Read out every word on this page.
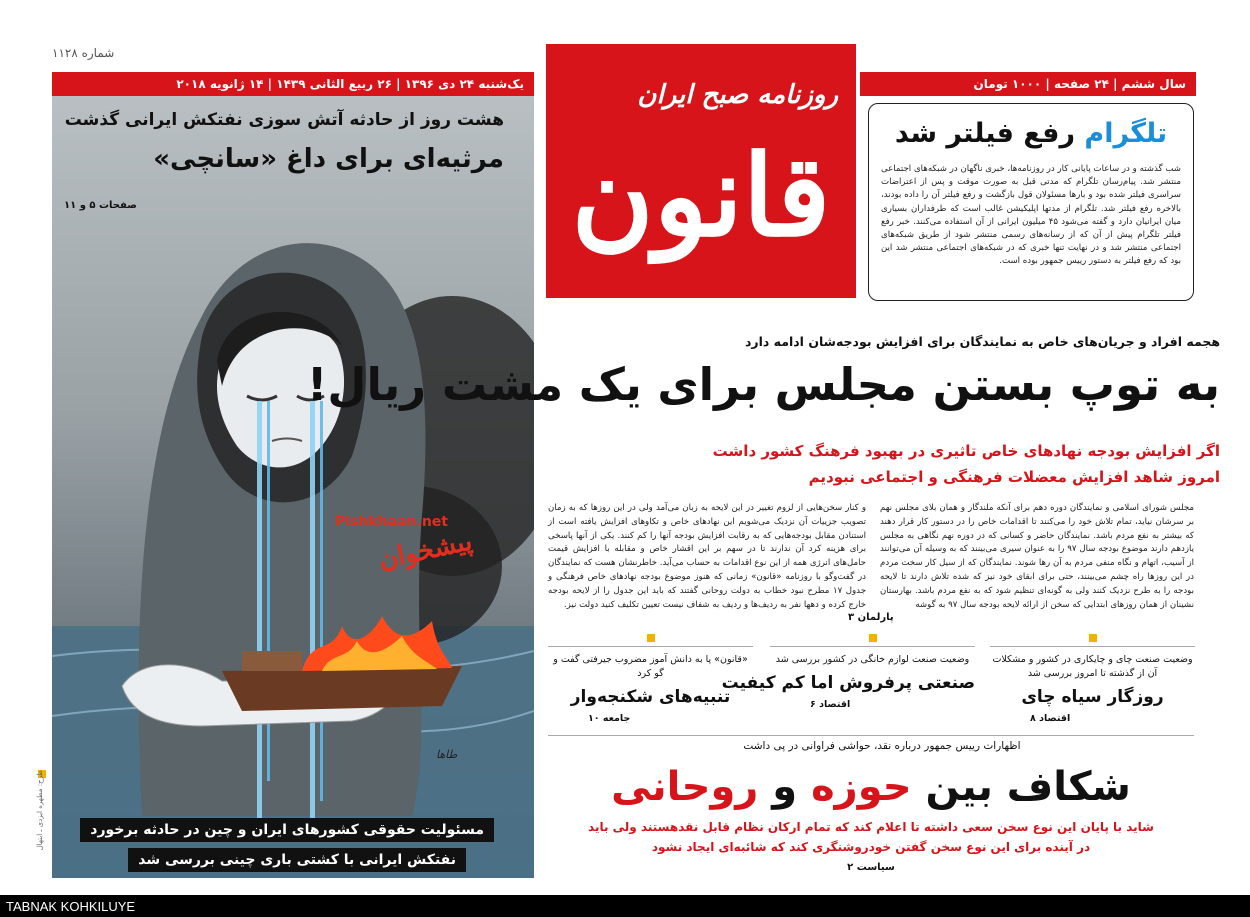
شماره ۱۱۲۸
یک‌شنبه ۲۴ دی ۱۳۹۶ | ۲۶ ربیع الثانی ۱۴۳۹ | ۱۴ ژانویه ۲۰۱۸	سال ششم | ۲۴ صفحه | ۱۰۰۰ تومان
روزنامه صبح ایران
قانون	تلگرام رفع فیلتر شد
شب گذشته و در ساعات پایانی کار در روزنامه‌ها، خبری ناگهان در شبکه‌های اجتماعی منتشر شد. پیام‌رسان تلگرام که مدتی قبل به صورت موقت و پس از اعتراضات سراسری فیلتر شده بود و بارها مسئولان قول بازگشت و رفع فیلتر آن را داده بودند، بالاخره رفع فیلتر شد. تلگرام از مدتها اپلیکیشن غالب است که طرفداران بسیاری میان ایرانیان دارد و گفته می‌شود ۴۵ میلیون ایرانی از آن استفاده می‌کنند. خبر رفع فیلتر تلگرام پیش از آن که از رسانه‌های رسمی منتشر شود از طریق شبکه‌های اجتماعی منتشر شد و در نهایت تنها خبری که در شبکه‌های اجتماعی منتشر شد این بود که رفع فیلتر به دستور رییس جمهور بوده است.
هشت روز از حادثه آتش سوزی نفتکش ایرانی گذشت
مرثیه‌ای برای داغ «سانچی»
صفحات ۵ و ۱۱
پیشخوان
Pishkhaan.net
طاها
مسئولیت حقوقی کشورهای ایران و چین در حادثه برخورد
نفتکش ایرانی با کشتی باری چینی بررسی شد
طرح: مطهره ایزدی ـ ابتهال
هجمه افراد و جریان‌های خاص به نمایندگان برای افزایش بودجه‌شان ادامه دارد
به توپ بستن مجلس برای یک مشت ریال!
اگر افزایش بودجه نهادهای خاص تاثیری در بهبود فرهنگ کشور داشت
امروز شاهد افزایش معضلات فرهنگی و اجتماعی نبودیم
مجلس شورای اسلامی و نمایندگان دوره دهم برای آنکه ملندگار و همان بلای مجلس نهم بر سرشان نیاید، تمام تلاش خود را می‌کنند تا اقدامات خاص را در دستور کار قرار دهند که بیشتر به نفع مردم باشد. نمایندگان حاضر و کسانی که در دوره نهم نگاهی به مجلس یازدهم دارند موضوع بودجه سال ۹۷ را به عنوان سیری می‌بینند که به وسیله آن می‌توانند از آسیب، اتهام و نگاه منفی مردم به آن رها شوند. نمایندگان که از سیل کار سخت مردم در این روزها راه چشم می‌بینند، حتی برای ابقای خود نیز که شده تلاش دارند تا لایحه بودجه را به طرح نزدیک کنند ولی به گونه‌ای تنظیم شود که به نفع مردم باشد. بهارستان نشینان از همان روزهای ابتدایی که سخن از ارائه لایحه بودجه سال ۹۷ به گوشه
و کنار سخن‌هایی از لزوم تغییر در این لایحه به زبان می‌آمد ولی در این روزها که به زمان تصویب جزییات آن نزدیک می‌شویم این نهادهای خاص و تکاوهای افزایش یافته است از استنادن مقابل بودجه‌هایی که به رقابت افزایش بودجه آنها را کم کنند. یکی از آنها پاسخی برای هزینه کرد آن ندارند تا در سهم بر این اقشار خاص و مقابله با افزایش قیمت حامل‌های انرژی همه از این نوع اقدامات به حساب می‌آید. خاطرنشان هست که نمایندگان در گفت‌وگو با روزنامه «قانون» زمانی که هنوز موضوع بودجه نهادهای خاص فرهنگی و جدول ۱۷ مطرح نبود خطاب به دولت روحانی گفتند که باید این جدول را از لایحه بودجه خارج کرده و دهها نفر به ردیف‌ها و ردیف به شفاف نیست تعیین تکلیف کنید دولت نیز.
پارلمان ۳
وضعیت صنعت چای و چایکاری در کشور و مشکلات آن از گذشته تا امروز بررسی شد
روزگار سیاه چای
اقتصاد ۸
وضعیت صنعت لوازم خانگی در کشور بررسی شد
صنعتی پرفروش اما کم کیفیت
اقتصاد ۶
«قانون» پا به دانش آموز مضروب جیرفتی گفت و گو کرد
تنبیه‌های شکنجه‌وار
جامعه ۱۰
اظهارات رییس جمهور درباره نقد، حواشی فراوانی در پی داشت
شکاف بین حوزه و روحانی
شاید با پایان این نوع سخن سعی داشته تا اعلام کند که تمام ارکان نظام قابل نقدهستند ولی باید
در آینده برای این نوع سخن گفتن خودروشنگری کند که شائبه‌ای ایجاد نشود
سیاست ۲
TABNAK KOHKILUYE
